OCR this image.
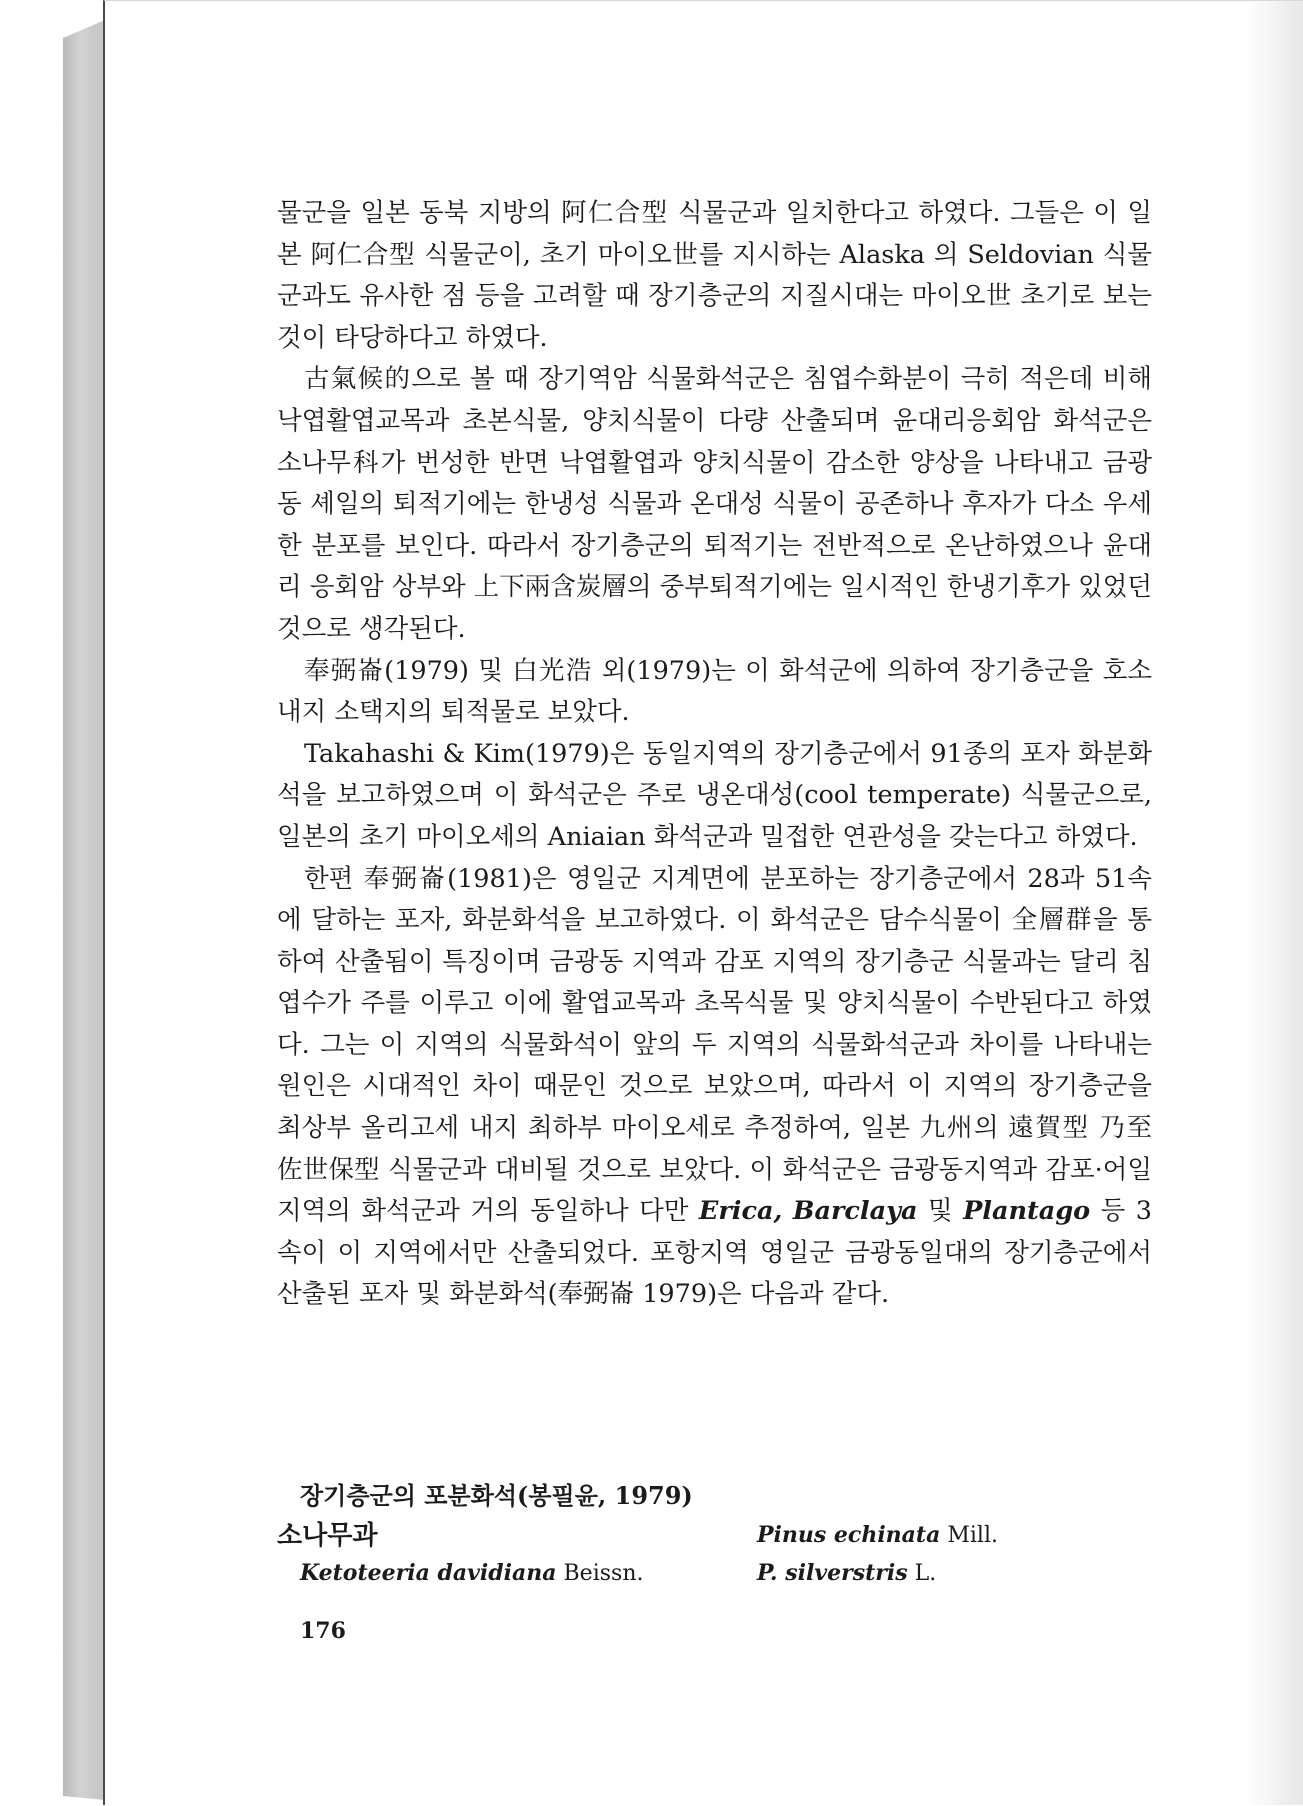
물군을 일본 동북 지방의 阿仁合型 식물군과 일치한다고 하였다. 그들은 이 일본 阿仁合型 식물군이, 초기 마이오世를 지시하는 Alaska 의 Seldovian 식물군과도 유사한 점 등을 고려할 때 장기층군의 지질시대는 마이오世 초기로 보는 것이 타당하다고 하였다.

古氣候的으로 볼 때 장기역암 식물화석군은 침엽수화분이 극히 적은데 비해 낙엽활엽교목과 초본식물, 양치식물이 다량 산출되며 윤대리응회암 화석군은 소나무科가 번성한 반면 낙엽활엽과 양치식물이 감소한 양상을 나타내고 금광동 셰일의 퇴적기에는 한냉성 식물과 온대성 식물이 공존하나 후자가 다소 우세한 분포를 보인다. 따라서 장기층군의 퇴적기는 전반적으로 온난하였으나 윤대리 응회암 상부와 上下兩含炭層의 중부퇴적기에는 일시적인 한냉기후가 있었던 것으로 생각된다.

奉弼崙(1979) 및 白光浩 외(1979)는 이 화석군에 의하여 장기층군을 호소 내지 소택지의 퇴적물로 보았다.

Takahashi & Kim(1979)은 동일지역의 장기층군에서 91종의 포자 화분화석을 보고하였으며 이 화석군은 주로 냉온대성(cool temperate) 식물군으로, 일본의 초기 마이오세의 Aniaian 화석군과 밀접한 연관성을 갖는다고 하였다.

한편 奉弼崙(1981)은 영일군 지계면에 분포하는 장기층군에서 28과 51속에 달하는 포자, 화분화석을 보고하였다. 이 화석군은 담수식물이 全層群을 통하여 산출됨이 특징이며 금광동 지역과 감포 지역의 장기층군 식물과는 달리 침엽수가 주를 이루고 이에 활엽교목과 초목식물 및 양치식물이 수반된다고 하였다. 그는 이 지역의 식물화석이 앞의 두 지역의 식물화석군과 차이를 나타내는 원인은 시대적인 차이 때문인 것으로 보았으며, 따라서 이 지역의 장기층군을 최상부 올리고세 내지 최하부 마이오세로 추정하여, 일본 九州의 遠賀型 乃至 佐世保型 식물군과 대비될 것으로 보았다. 이 화석군은 금광동지역과 감포·어일지역의 화석군과 거의 동일하나 다만 Erica, Barclaya 및 Plantago 등 3속이 이 지역에서만 산출되었다. 포항지역 영일군 금광동일대의 장기층군에서 산출된 포자 및 화분화석(奉弼崙 1979)은 다음과 같다.

장기층군의 포분화석(봉필윤, 1979)
소나무과
Ketoteeria davidiana Beissn.
Pinus echinata Mill.
P. silverstris L.
176
